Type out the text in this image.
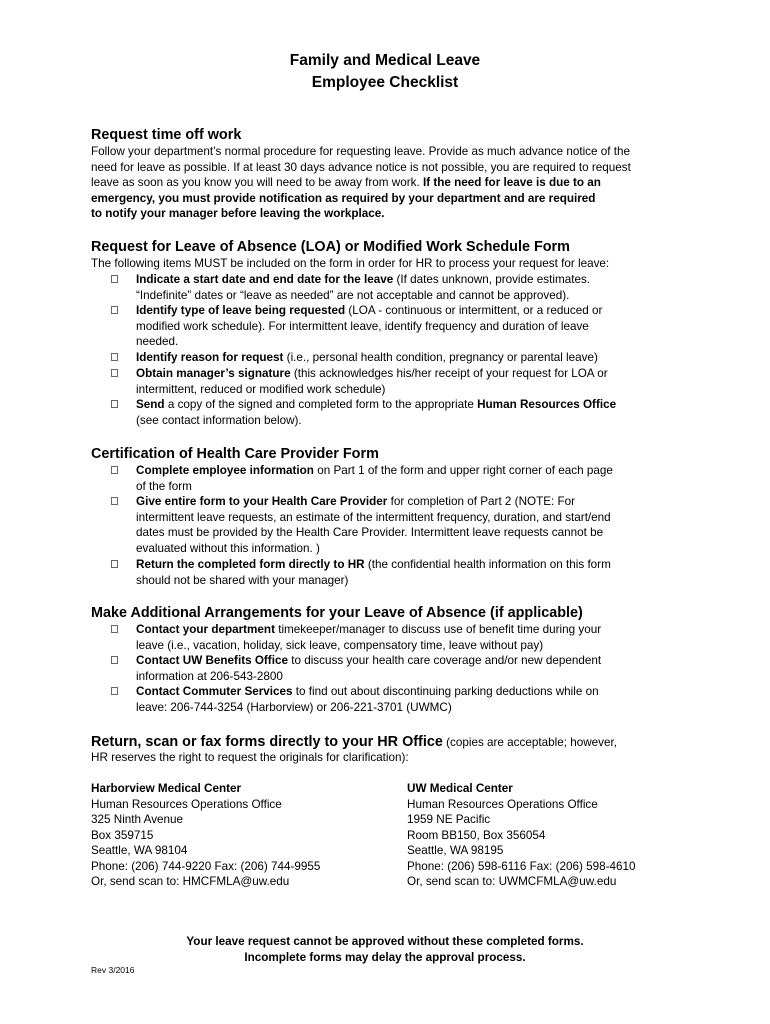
Family and Medical Leave
Employee Checklist
Request time off work
Follow your department’s normal procedure for requesting leave. Provide as much advance notice of the
need for leave as possible. If at least 30 days advance notice is not possible, you are required to request
leave as soon as you know you will need to be away from work. If the need for leave is due to an
emergency, you must provide notification as required by your department and are required
to notify your manager before leaving the workplace.
Request for Leave of Absence (LOA) or Modified Work Schedule Form
The following items MUST be included on the form in order for HR to process your request for leave:
Indicate a start date and end date for the leave (If dates unknown, provide estimates.
“Indefinite” dates or “leave as needed” are not acceptable and cannot be approved).
Identify type of leave being requested (LOA - continuous or intermittent, or a reduced or
modified work schedule). For intermittent leave, identify frequency and duration of leave
needed.
Identify reason for request (i.e., personal health condition, pregnancy or parental leave)
Obtain manager’s signature (this acknowledges his/her receipt of your request for LOA or
intermittent, reduced or modified work schedule)
Send a copy of the signed and completed form to the appropriate Human Resources Office
(see contact information below).
Certification of Health Care Provider Form
Complete employee information on Part 1 of the form and upper right corner of each page
of the form
Give entire form to your Health Care Provider for completion of Part 2 (NOTE: For
intermittent leave requests, an estimate of the intermittent frequency, duration, and start/end
dates must be provided by the Health Care Provider. Intermittent leave requests cannot be
evaluated without this information. )
Return the completed form directly to HR (the confidential health information on this form
should not be shared with your manager)
Make Additional Arrangements for your Leave of Absence (if applicable)
Contact your department timekeeper/manager to discuss use of benefit time during your
leave (i.e., vacation, holiday, sick leave, compensatory time, leave without pay)
Contact UW Benefits Office to discuss your health care coverage and/or new dependent
information at 206-543-2800
Contact Commuter Services to find out about discontinuing parking deductions while on
leave: 206-744-3254 (Harborview) or 206-221-3701 (UWMC)
Return, scan or fax forms directly to your HR Office (copies are acceptable; however,
HR reserves the right to request the originals for clarification):
Harborview Medical Center
Human Resources Operations Office
325 Ninth Avenue
Box 359715
Seattle, WA 98104
Phone: (206) 744-9220 Fax: (206) 744-9955
Or, send scan to: HMCFMLA@uw.edu
UW Medical Center
Human Resources Operations Office
1959 NE Pacific
Room BB150, Box 356054
Seattle, WA 98195
Phone: (206) 598-6116 Fax: (206) 598-4610
Or, send scan to: UWMCFMLA@uw.edu
Your leave request cannot be approved without these completed forms.
Incomplete forms may delay the approval process.
Rev 3/2016
